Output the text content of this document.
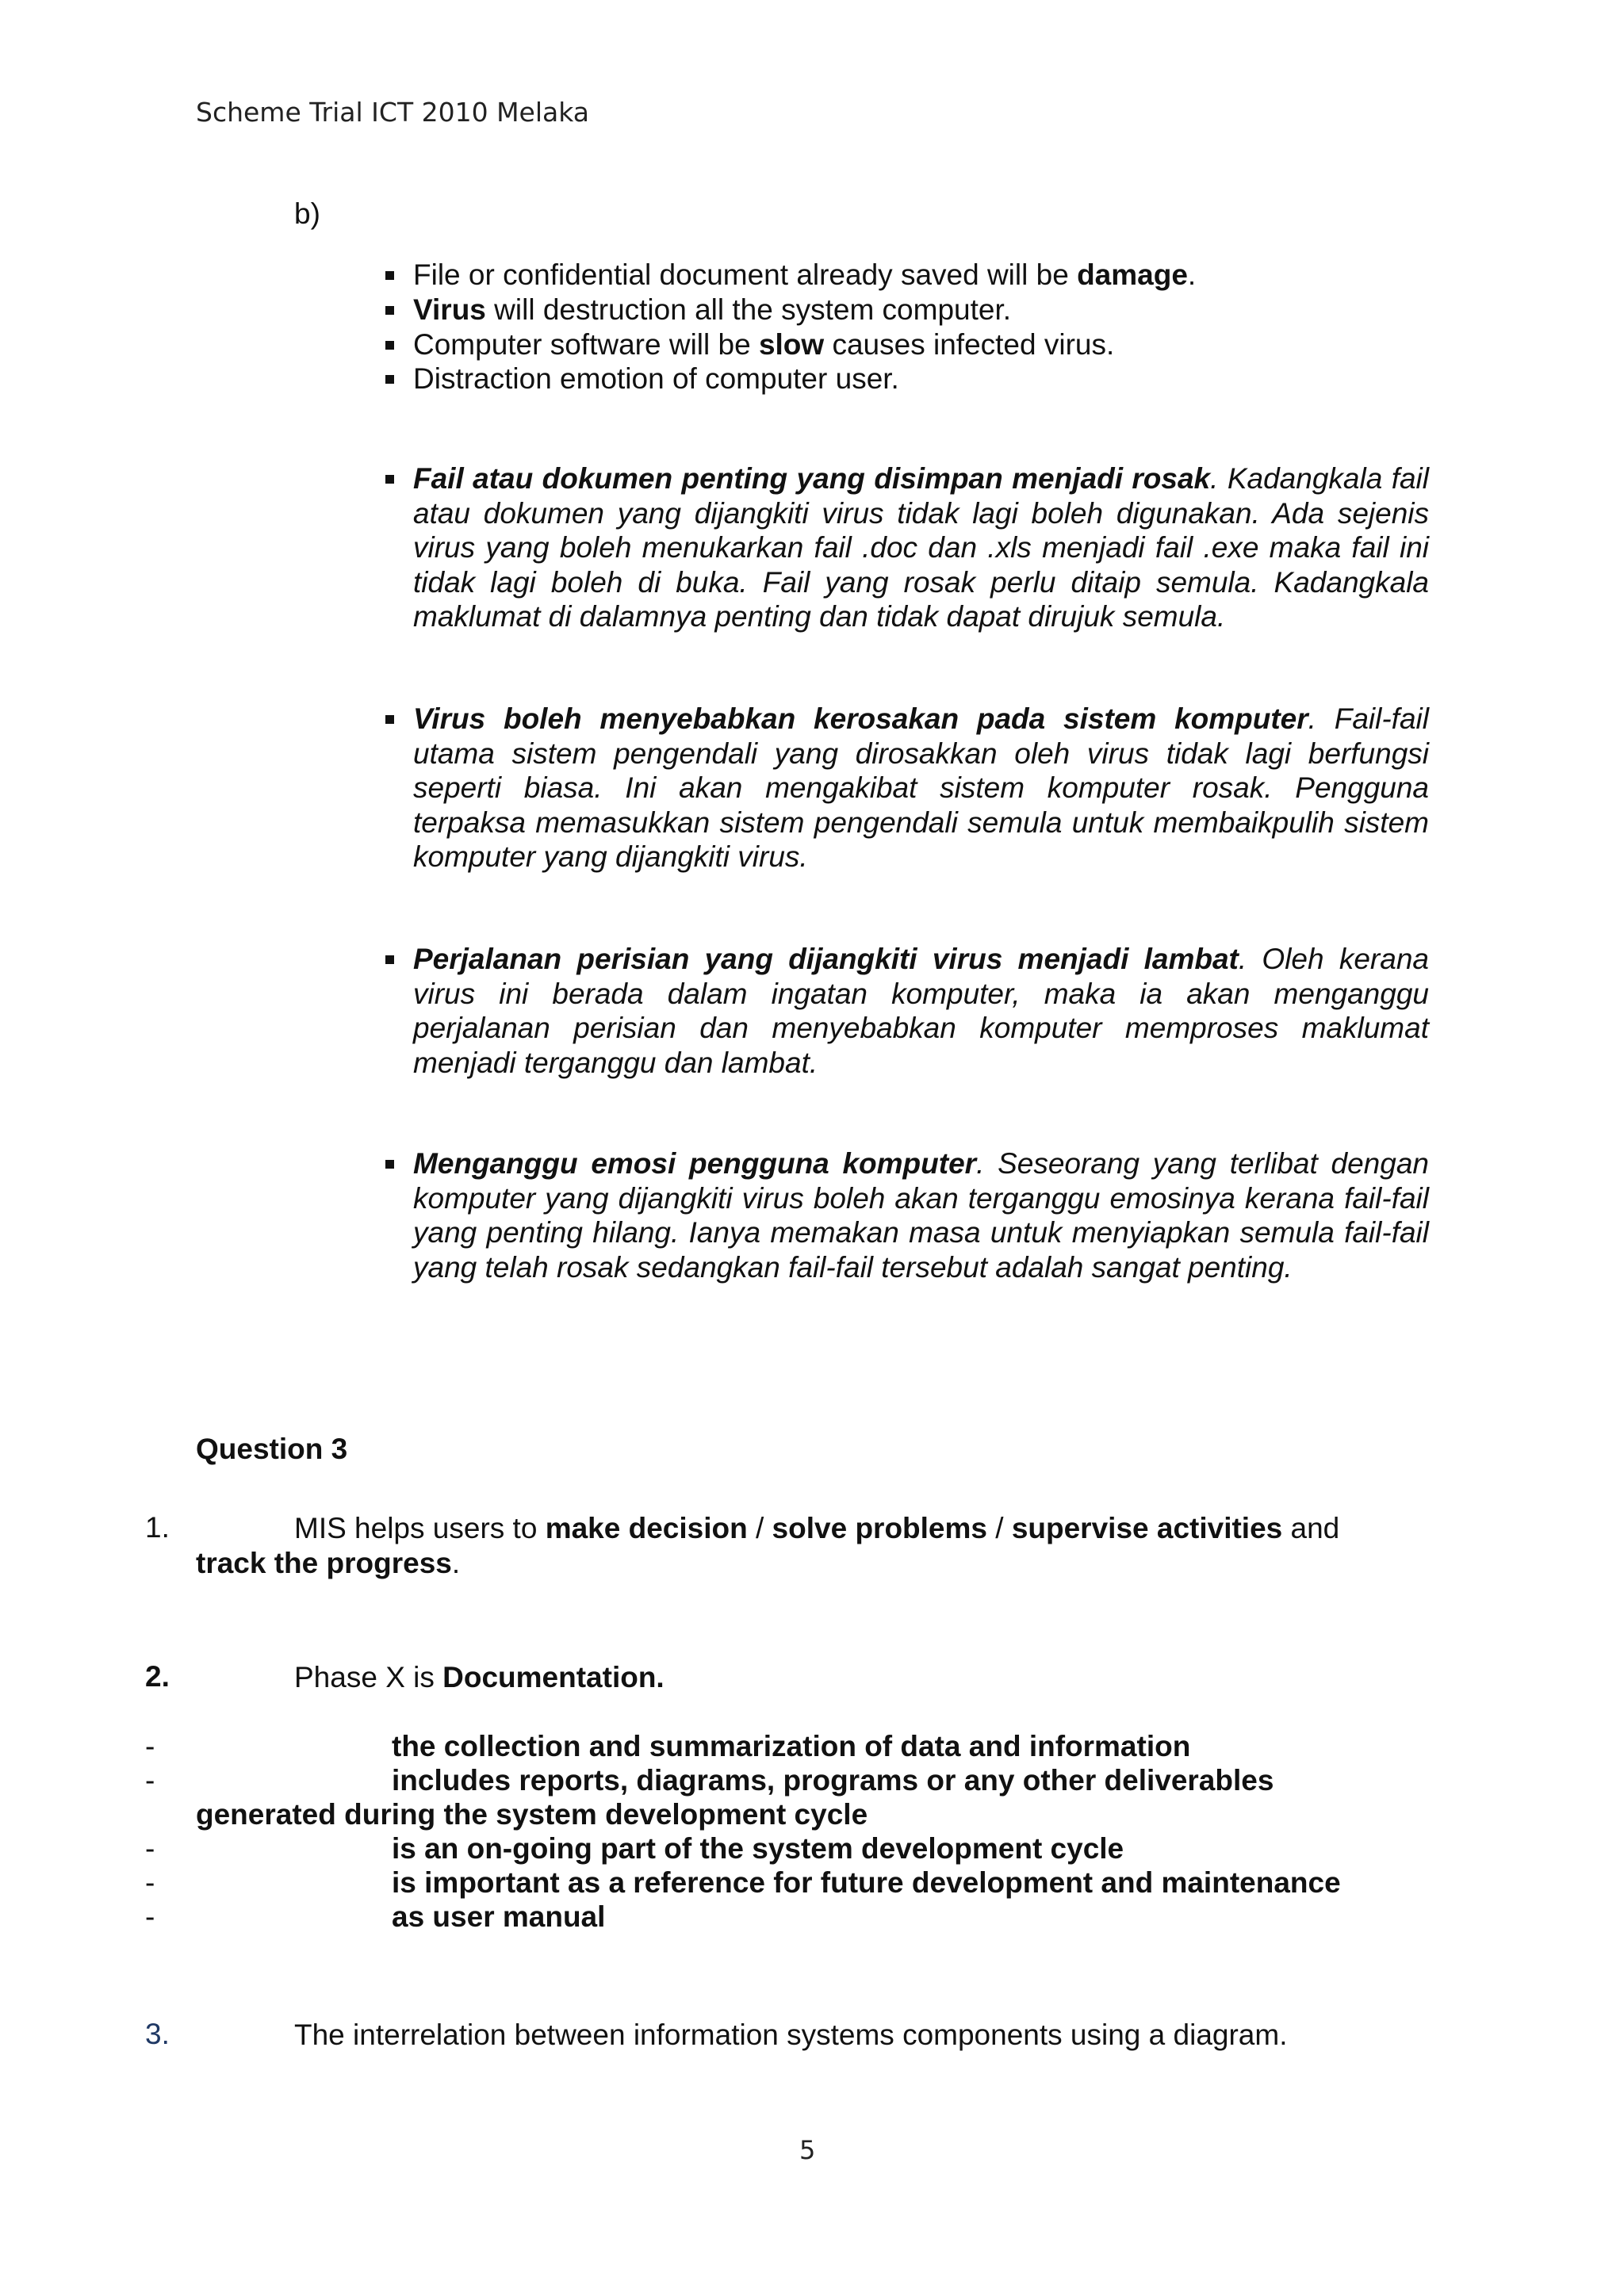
Scheme Trial ICT 2010 Melaka
b)
File or confidential document already saved will be damage.
Virus will destruction all the system computer.
Computer software will be slow causes infected virus.
Distraction emotion of computer user.
Fail atau dokumen penting yang disimpan menjadi rosak. Kadangkala fail atau dokumen yang dijangkiti virus tidak lagi boleh digunakan. Ada sejenis virus yang boleh menukarkan fail .doc dan .xls menjadi fail .exe maka fail ini tidak lagi boleh di buka. Fail yang rosak perlu ditaip semula. Kadangkala maklumat di dalamnya penting dan tidak dapat dirujuk semula.
Virus boleh menyebabkan kerosakan pada sistem komputer. Fail-fail utama sistem pengendali yang dirosakkan oleh virus tidak lagi berfungsi seperti biasa. Ini akan mengakibat sistem komputer rosak. Pengguna terpaksa memasukkan sistem pengendali semula untuk membaikpulih sistem komputer yang dijangkiti virus.
Perjalanan perisian yang dijangkiti virus menjadi lambat. Oleh kerana virus ini berada dalam ingatan komputer, maka ia akan menganggu perjalanan perisian dan menyebabkan komputer memproses maklumat menjadi terganggu dan lambat.
Menganggu emosi pengguna komputer. Seseorang yang terlibat dengan komputer yang dijangkiti virus boleh akan terganggu emosinya kerana fail-fail yang penting hilang. Ianya memakan masa untuk menyiapkan semula fail-fail yang telah rosak sedangkan fail-fail tersebut adalah sangat penting.
Question 3
1.	MIS helps users to make decision / solve problems / supervise activities and
track the progress.
2.	Phase X is Documentation.
-	the collection and summarization of data and information
-	includes reports, diagrams, programs or any other deliverables
generated during the system development cycle
-	is an on-going part of the system development cycle
-	is important as a reference for future development and maintenance
-	as user manual
3.	The interrelation between information systems components using a diagram.
5
